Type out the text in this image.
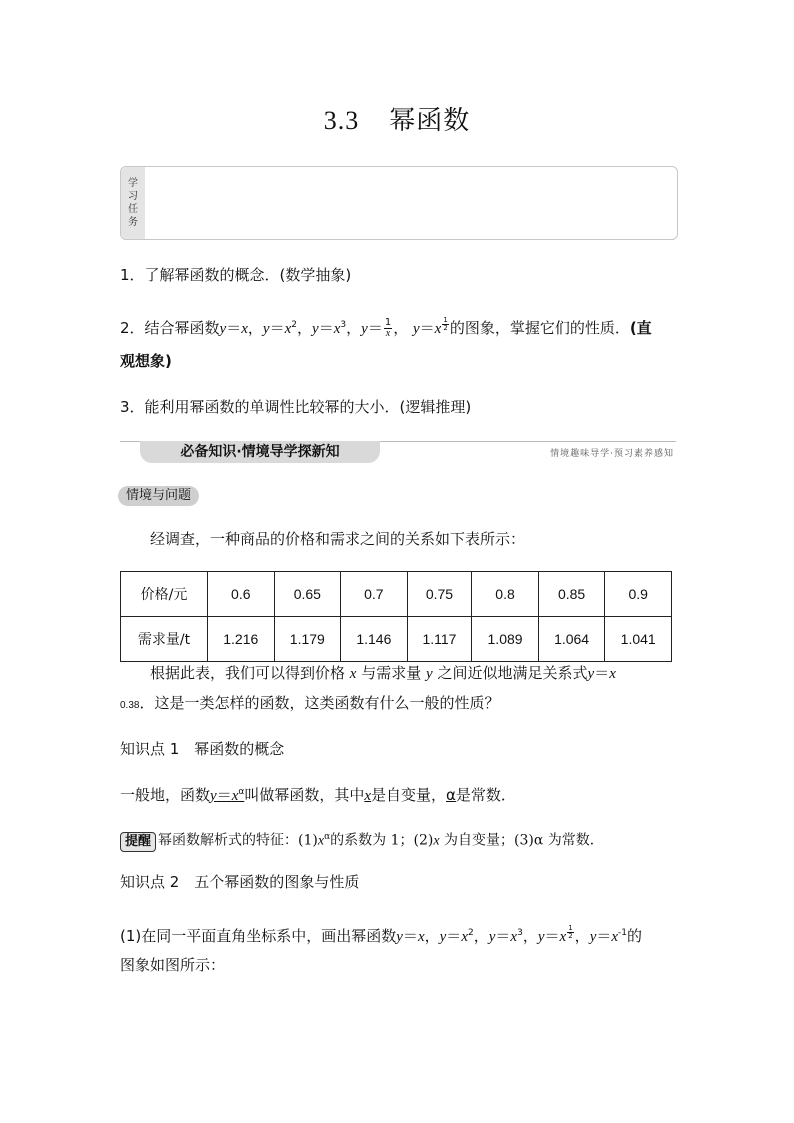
3.3 幂函数
学
习
任
务
1．了解幂函数的概念．(数学抽象)
2．结合幂函数y＝x，$y=x^2$，$y=x^3$，$y= \frac{1}{x}$ ， y＝x $^{\frac{1}{2}}$ 的图象，掌握它们的性质．(直
观想象)
3．能利用幂函数的单调性比较幂的大小．(逻辑推理)
必备知识·情境导学探新知	情境趣味导学·预习素养感知
情境与问题
经调查，一种商品的价格和需求之间的关系如下表所示：
价格/元	0.6	0.65	0.7	0.75	0.8	0.85	0.9
需求量/t	1.216	1.179	1.146	1.117	1.089	1.064	1.041
根据此表，我们可以得到价格 x 与需求量 y 之间近似地满足关系式y＝x
0.38．这是一类怎样的函数，这类函数有什么一般的性质？
知识点 1　幂函数的概念
一般地，函数$y=x^\alpha$叫做幂函数，其中x是自变量，α是常数．
提醒 幂函数解析式的特征：$(1)x^\alpha$的系数为 1；(2)x 为自变量；(3)α 为常数．
知识点 2　五个幂函数的图象与性质
(1)在同一平面直角坐标系中，画出幂函数y＝x，$y=x^2$，$y=x^3$，y＝x $^{\frac{1}{2}}$ ，$y=x^{-1}$的
图象如图所示：
